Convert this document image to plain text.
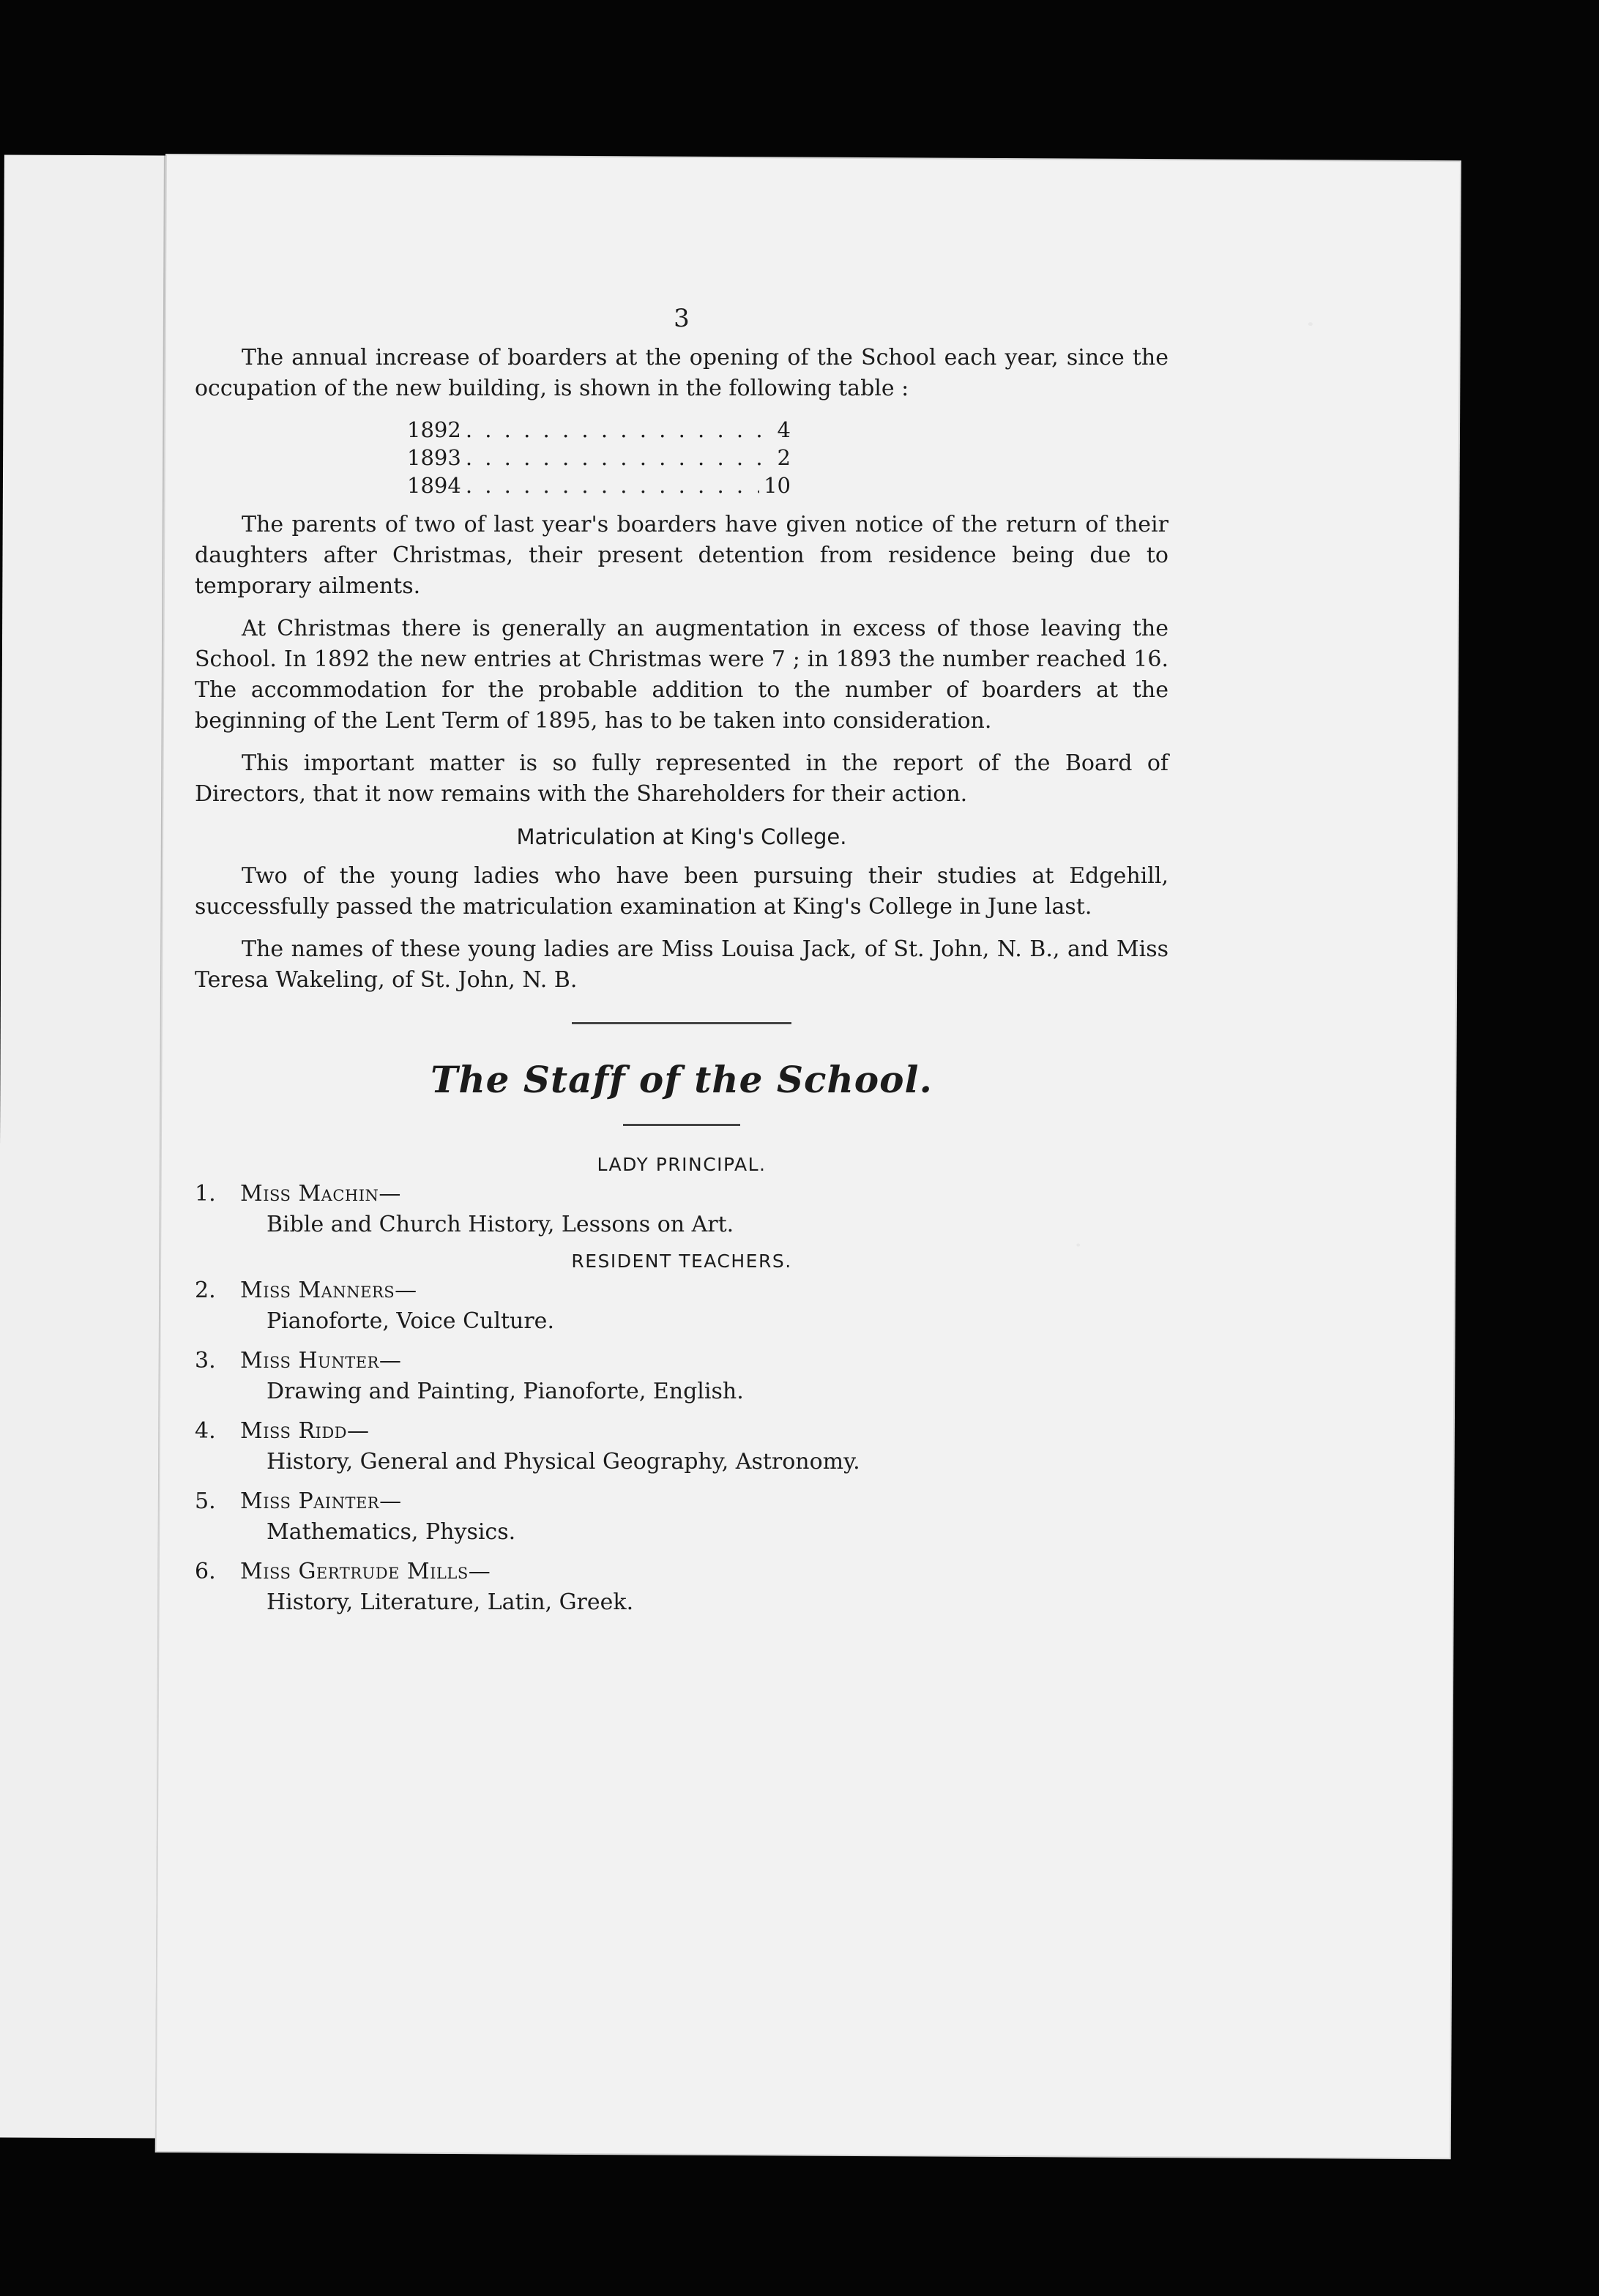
3

The annual increase of boarders at the opening of the School each year, since the occupation of the new building, is shown in the following table :

1892 . . .	4
1893 . . .	2
1894 . . .	10

The parents of two of last year's boarders have given notice of the return of their daughters after Christmas, their present detention from residence being due to temporary ailments.

At Christmas there is generally an augmentation in excess of those leaving the School. In 1892 the new entries at Christmas were 7 ; in 1893 the number reached 16. The accommodation for the probable addition to the number of boarders at the beginning of the Lent Term of 1895, has to be taken into consideration.

This important matter is so fully represented in the report of the Board of Directors, that it now remains with the Shareholders for their action.

Matriculation at King's College.

Two of the young ladies who have been pursuing their studies at Edgehill, successfully passed the matriculation examination at King's College in June last.

The names of these young ladies are Miss Louisa Jack, of St. John, N. B., and Miss Teresa Wakeling, of St. John, N. B.

The Staff of the School.
LADY PRINCIPAL.
1.	Miss Machin—
Bible and Church History, Lessons on Art.
RESIDENT TEACHERS.
2.	Miss Manners—
Pianoforte, Voice Culture.
3.	Miss Hunter—
Drawing and Painting, Pianoforte, English.
4.	Miss Ridd—
History, General and Physical Geography, Astronomy.
5.	Miss Painter—
Mathematics, Physics.
6.	Miss Gertrude Mills—
History, Literature, Latin, Greek.
